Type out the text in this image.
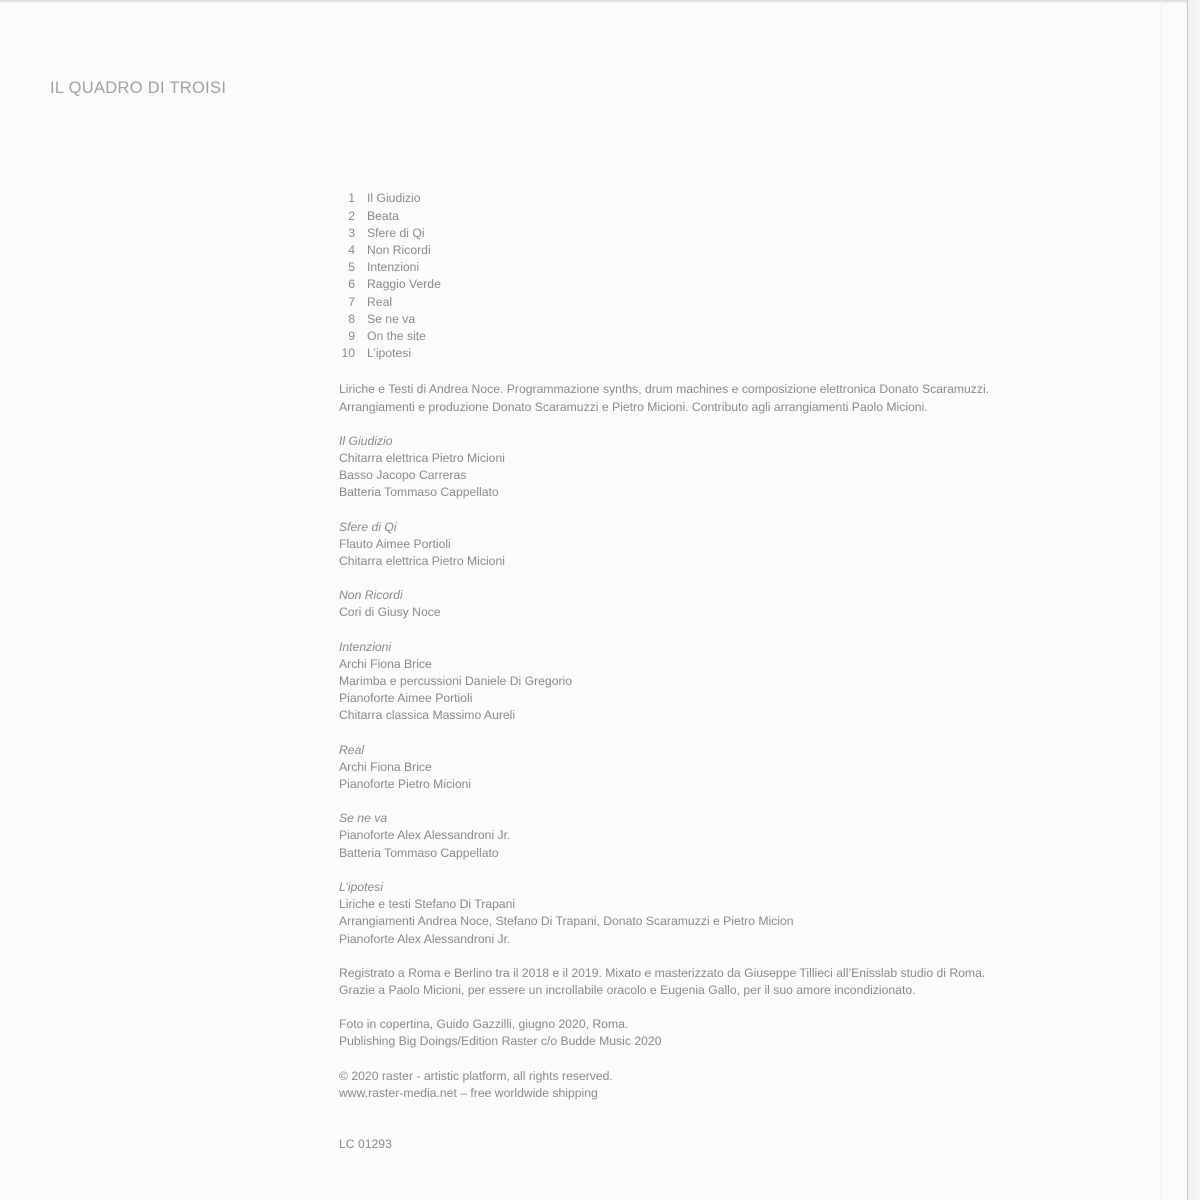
IL QUADRO DI TROISI
1 Il Giudizio
2 Beata
3 Sfere di Qi
4 Non Ricordi
5 Intenzioni
6 Raggio Verde
7 Real
8 Se ne va
9 On the site
10 L’ipotesi
Liriche e Testi di Andrea Noce. Programmazione synths, drum machines e composizione elettronica Donato Scaramuzzi.
Arrangiamenti e produzione Donato Scaramuzzi e Pietro Micioni. Contributo agli arrangiamenti Paolo Micioni.
Il Giudizio
Chitarra elettrica Pietro Micioni
Basso Jacopo Carreras
Batteria Tommaso Cappellato
Sfere di Qi
Flauto Aimee Portioli
Chitarra elettrica Pietro Micioni
Non Ricordi
Cori di Giusy Noce
Intenzioni
Archi Fiona Brice
Marimba e percussioni Daniele Di Gregorio
Pianoforte Aimee Portioli
Chitarra classica Massimo Aureli
Real
Archi Fiona Brice
Pianoforte Pietro Micioni
Se ne va
Pianoforte Alex Alessandroni Jr.
Batteria Tommaso Cappellato
L’ipotesi
Liriche e testi Stefano Di Trapani
Arrangiamenti Andrea Noce, Stefano Di Trapani, Donato Scaramuzzi e Pietro Micion
Pianoforte Alex Alessandroni Jr.
Registrato a Roma e Berlino tra il 2018 e il 2019. Mixato e masterizzato da Giuseppe Tillieci all’Enisslab studio di Roma.
Grazie a Paolo Micioni, per essere un incrollabile oracolo e Eugenia Gallo, per il suo amore incondizionato.
Foto in copertina, Guido Gazzilli, giugno 2020, Roma.
Publishing Big Doings/Edition Raster c/o Budde Music 2020
© 2020 raster - artistic platform, all rights reserved.
www.raster-media.net – free worldwide shipping
LC 01293
